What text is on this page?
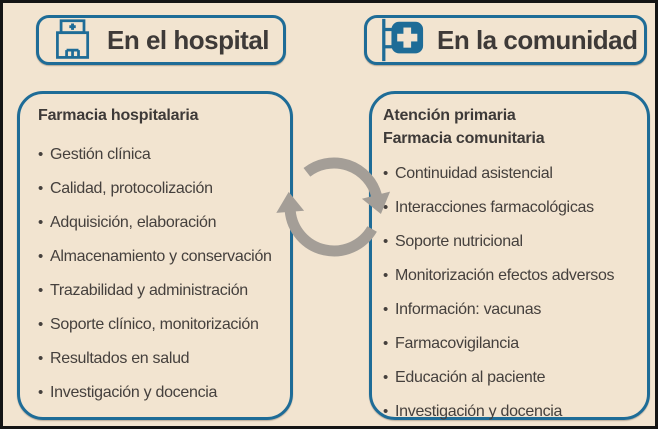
En el hospital	En la comunidad
Farmacia hospitalaria
• Gestión clínica
• Calidad, protocolización
• Adquisición, elaboración
• Almacenamiento y conservación
• Trazabilidad y administración
• Soporte clínico, monitorización
• Resultados en salud
• Investigación y docencia
Atención primaria
Farmacia comunitaria
• Continuidad asistencial
• Interacciones farmacológicas
• Soporte nutricional
• Monitorización efectos adversos
• Información: vacunas
• Farmacovigilancia
• Educación al paciente
• Investigación y docencia
